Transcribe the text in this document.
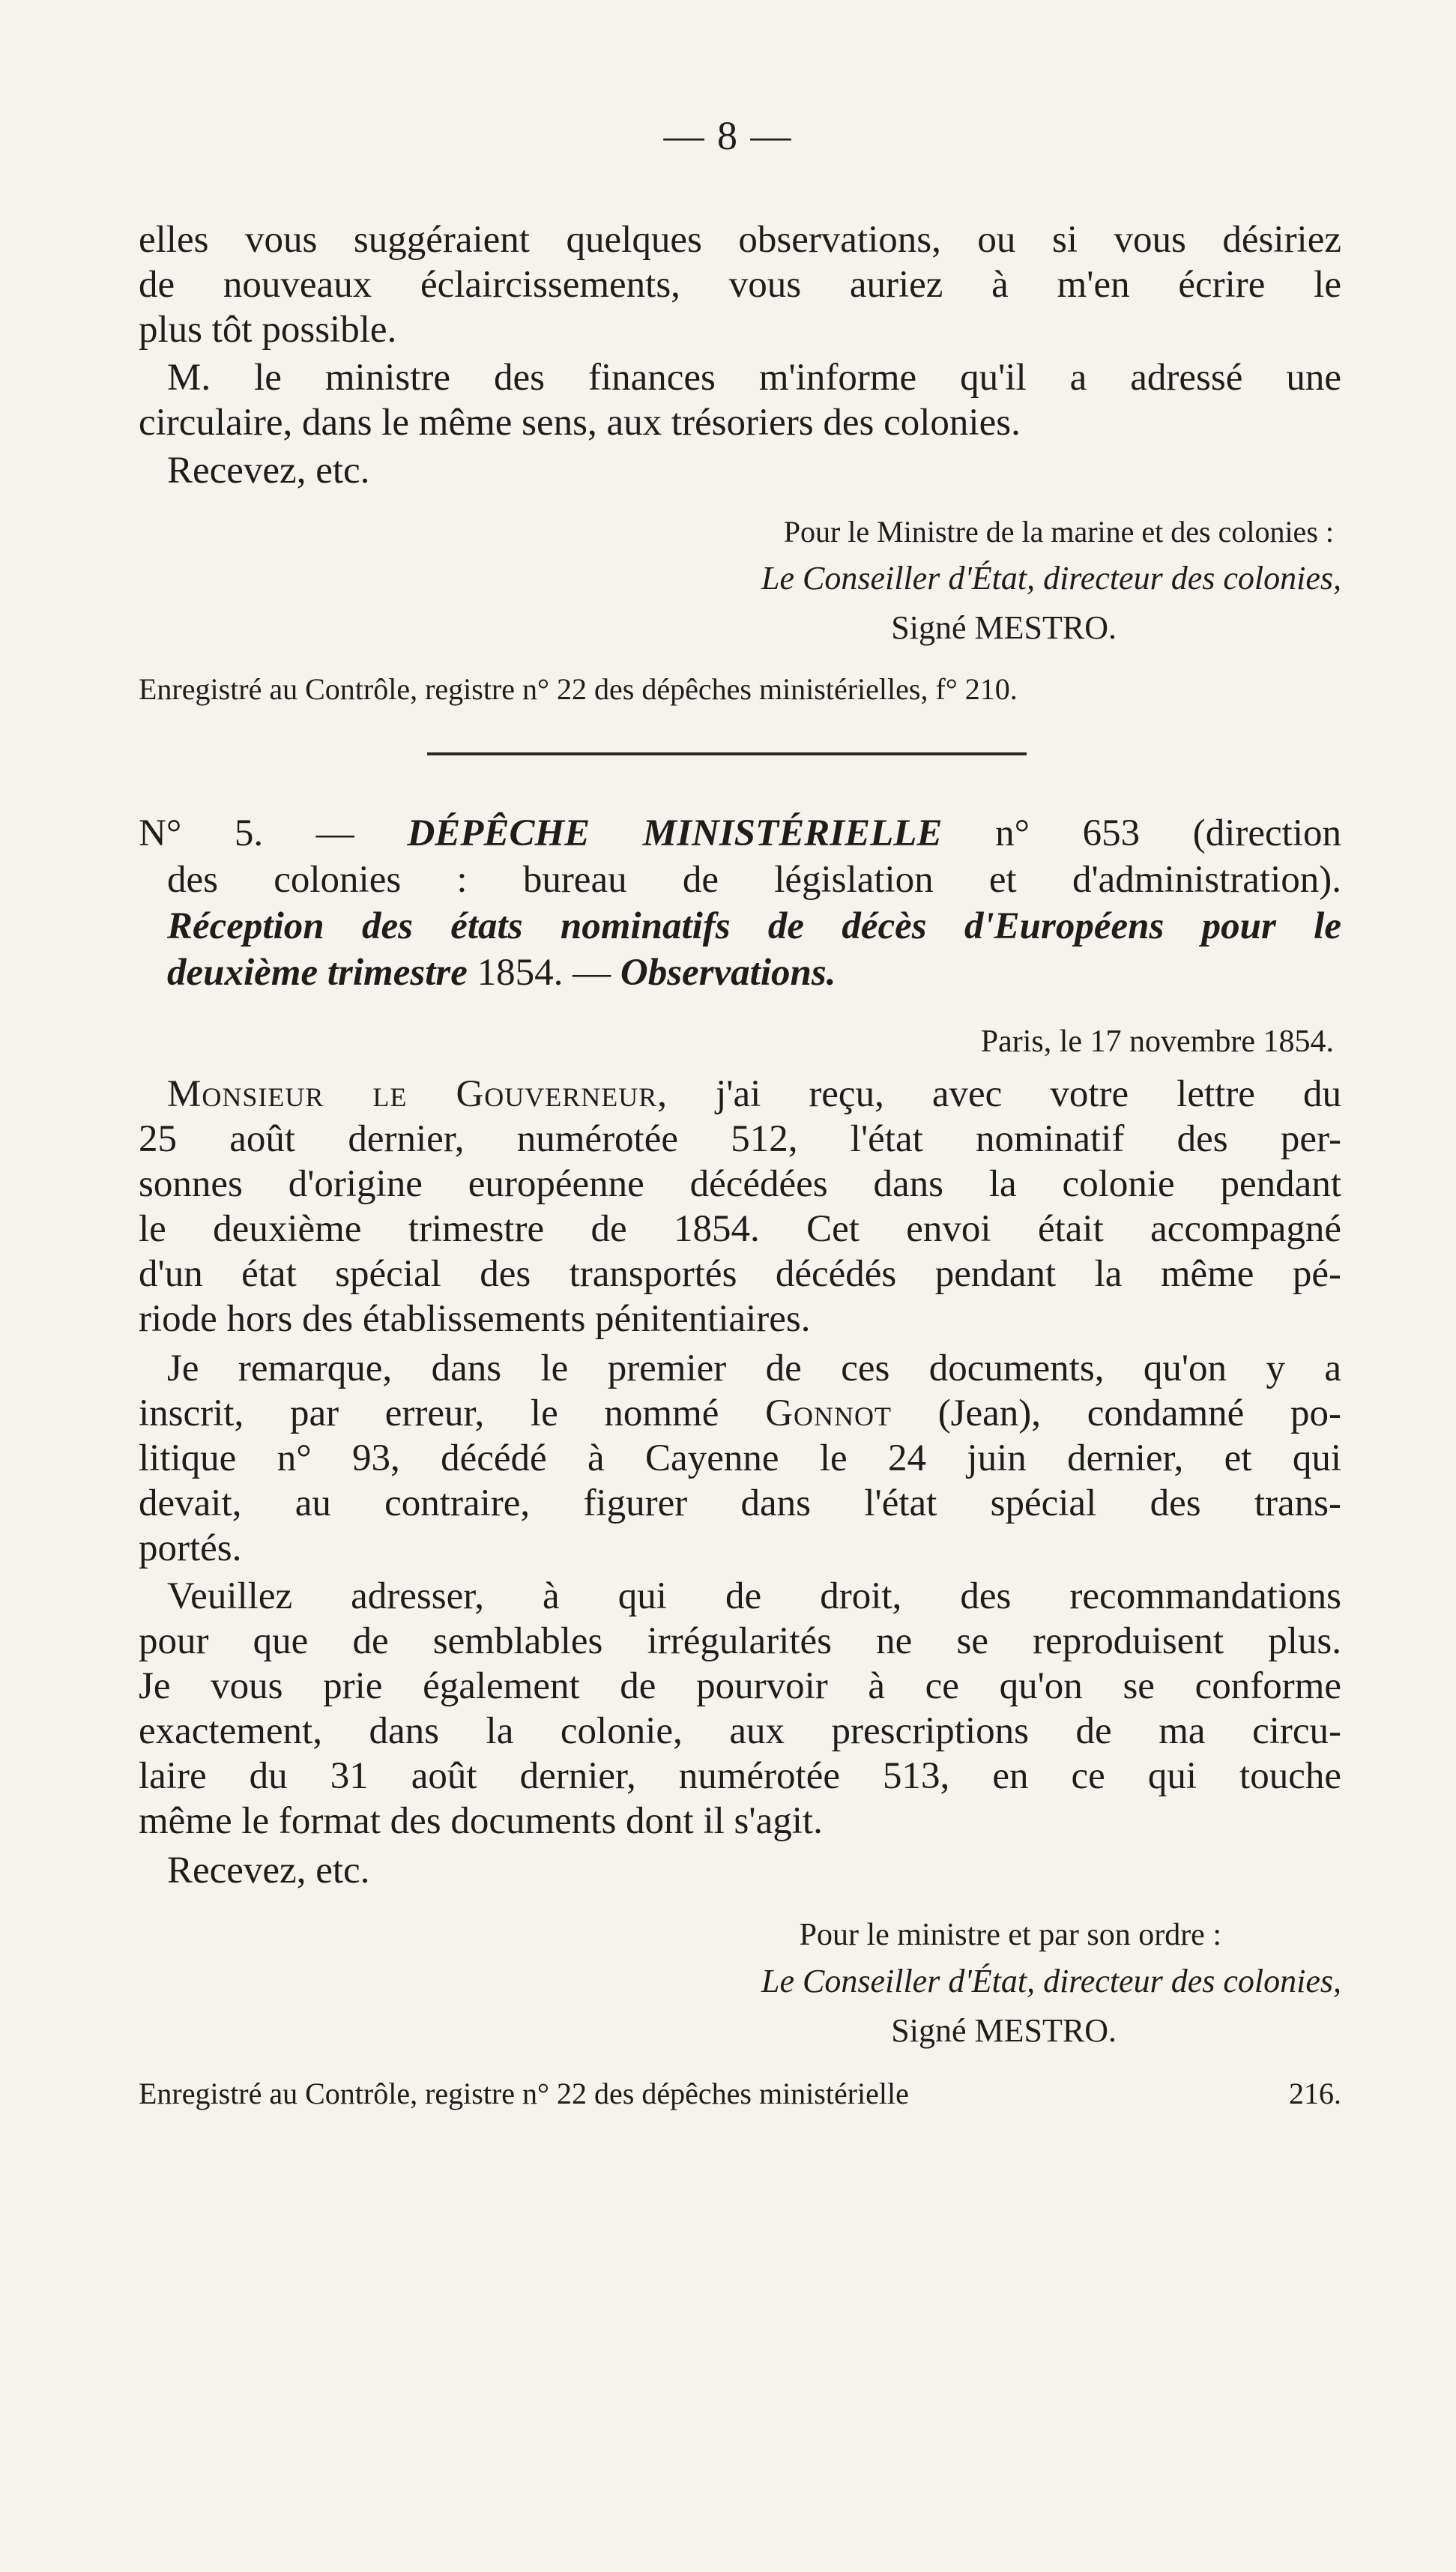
— 8 —
elles vous suggéraient quelques observations, ou si vous désiriez
de nouveaux éclaircissements, vous auriez à m'en écrire le
plus tôt possible.
M. le ministre des finances m'informe qu'il a adressé une
circulaire, dans le même sens, aux trésoriers des colonies.
Recevez, etc.
Pour le Ministre de la marine et des colonies :
Le Conseiller d'État, directeur des colonies,
Signé MESTRO.
Enregistré au Contrôle, registre n° 22 des dépêches ministérielles, f° 210.
N° 5. — DÉPÊCHE MINISTÉRIELLE n° 653 (direction
des colonies : bureau de législation et d'administration).
Réception des états nominatifs de décès d'Européens pour le
deuxième trimestre 1854. — Observations.
Paris, le 17 novembre 1854.
Monsieur le Gouverneur, j'ai reçu, avec votre lettre du
25 août dernier, numérotée 512, l'état nominatif des per-
sonnes d'origine européenne décédées dans la colonie pendant
le deuxième trimestre de 1854. Cet envoi était accompagné
d'un état spécial des transportés décédés pendant la même pé-
riode hors des établissements pénitentiaires.
Je remarque, dans le premier de ces documents, qu'on y a
inscrit, par erreur, le nommé Gonnot (Jean), condamné po-
litique n° 93, décédé à Cayenne le 24 juin dernier, et qui
devait, au contraire, figurer dans l'état spécial des trans-
portés.
Veuillez adresser, à qui de droit, des recommandations
pour que de semblables irrégularités ne se reproduisent plus.
Je vous prie également de pourvoir à ce qu'on se conforme
exactement, dans la colonie, aux prescriptions de ma circu-
laire du 31 août dernier, numérotée 513, en ce qui touche
même le format des documents dont il s'agit.
Recevez, etc.
Pour le ministre et par son ordre :
Le Conseiller d'État, directeur des colonies,
Signé MESTRO.
Enregistré au Contrôle, registre n° 22 des dépêches ministérielle	216.
